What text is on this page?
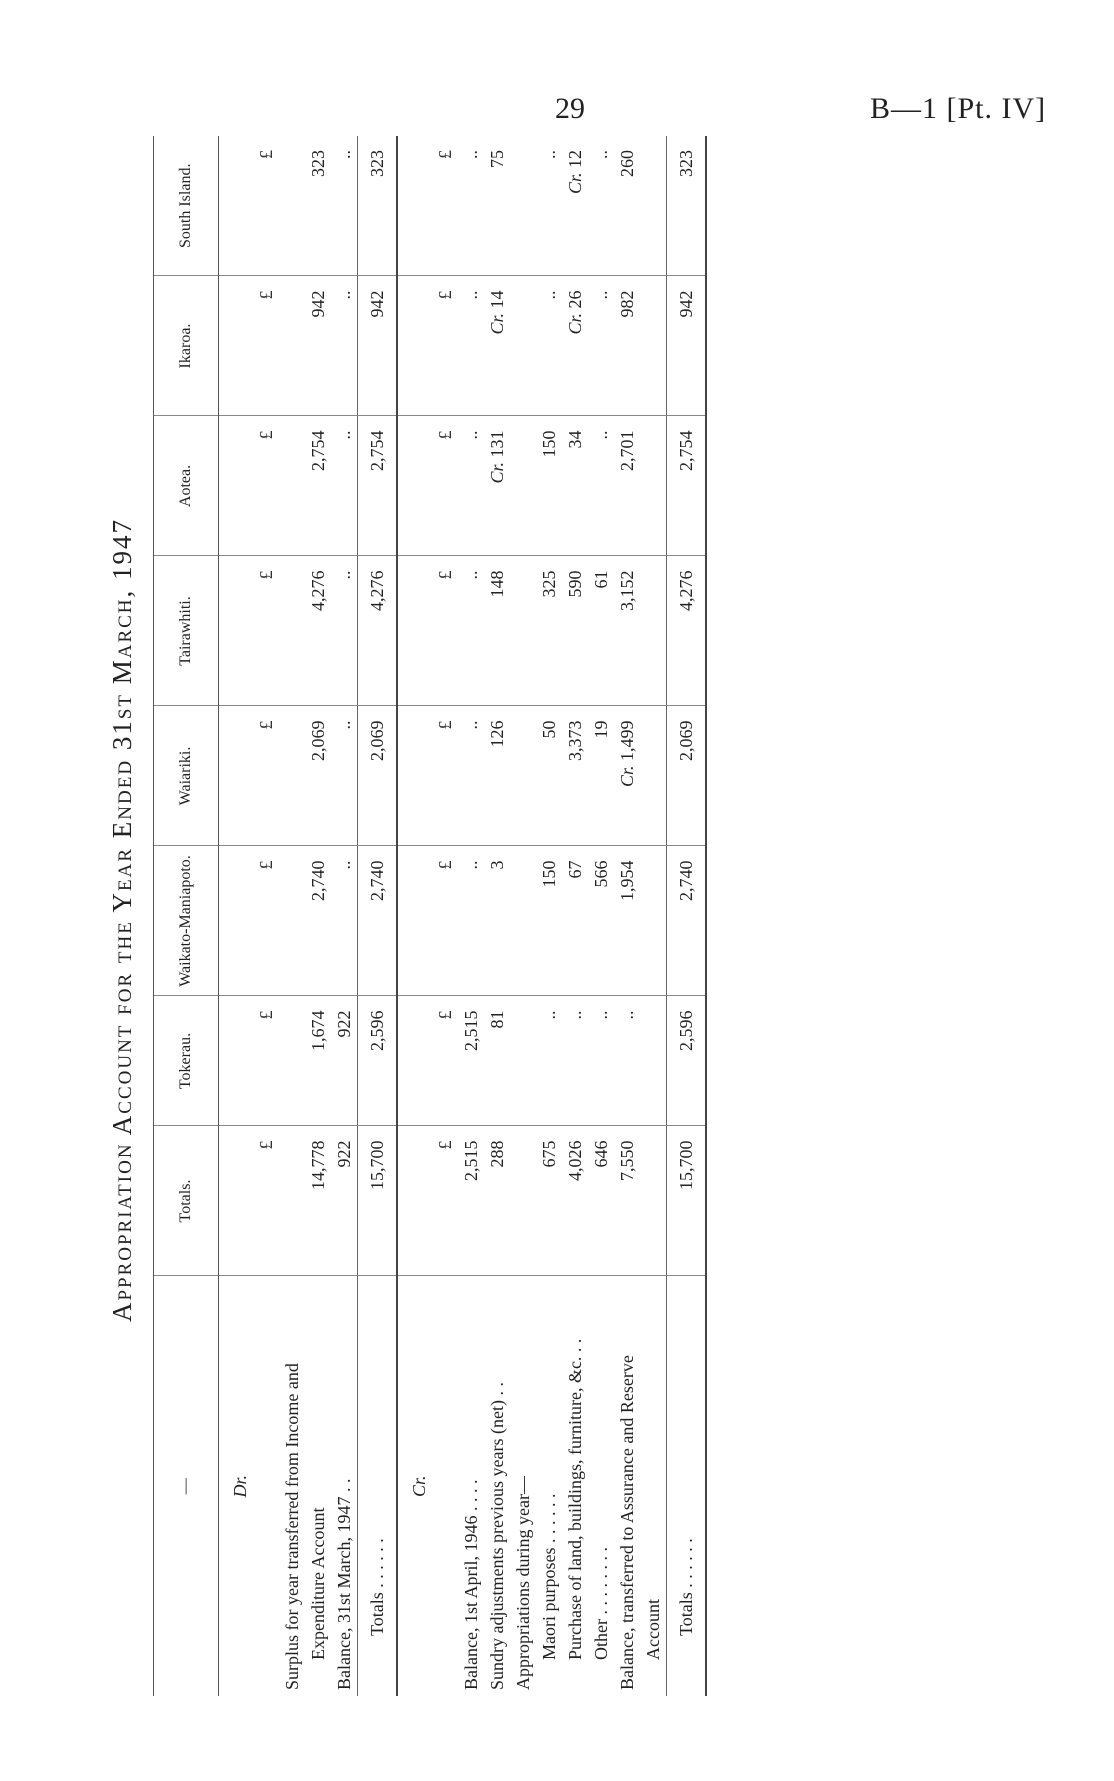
29	B—1 [Pt. IV]
Appropriation Account for the Year Ended 31st March, 1947
—	Totals.	Tokerau.	Waikato-Maniapoto.	Waiariki.	Tairawhiti.	Aotea.	Ikaroa.	South Island.
Dr.								
	£	£	£	£	£	£	£	£
Surplus for year transferred from Income and								
Expenditure Account	14,778	1,674	2,740	2,069	4,276	2,754	942	323
Balance, 31st March, 1947 . .	922	922	..	..	..	..	..	..
Totals . . . . . .	15,700	2,596	2,740	2,069	4,276	2,754	942	323
Cr.								
	£	£	£	£	£	£	£	£
Balance, 1st April, 1946 . . . .	2,515	2,515	..	..	..	..	..	..
Sundry adjustments previous years (net) . .	288	81	3	126	148	Cr. 131	Cr. 14	75
Appropriations during year—								
Maori purposes . . . . . .	675	..	150	50	325	150	..	..
Purchase of land, buildings, furniture, &c. . .	4,026	..	67	3,373	590	34	Cr. 26	Cr. 12
Other . . . . . . . .	646	..	566	19	61	..	..	..
Balance, transferred to Assurance and Reserve	7,550	..	1,954	Cr. 1,499	3,152	2,701	982	260
Account								
Totals . . . . . .	15,700	2,596	2,740	2,069	4,276	2,754	942	323
